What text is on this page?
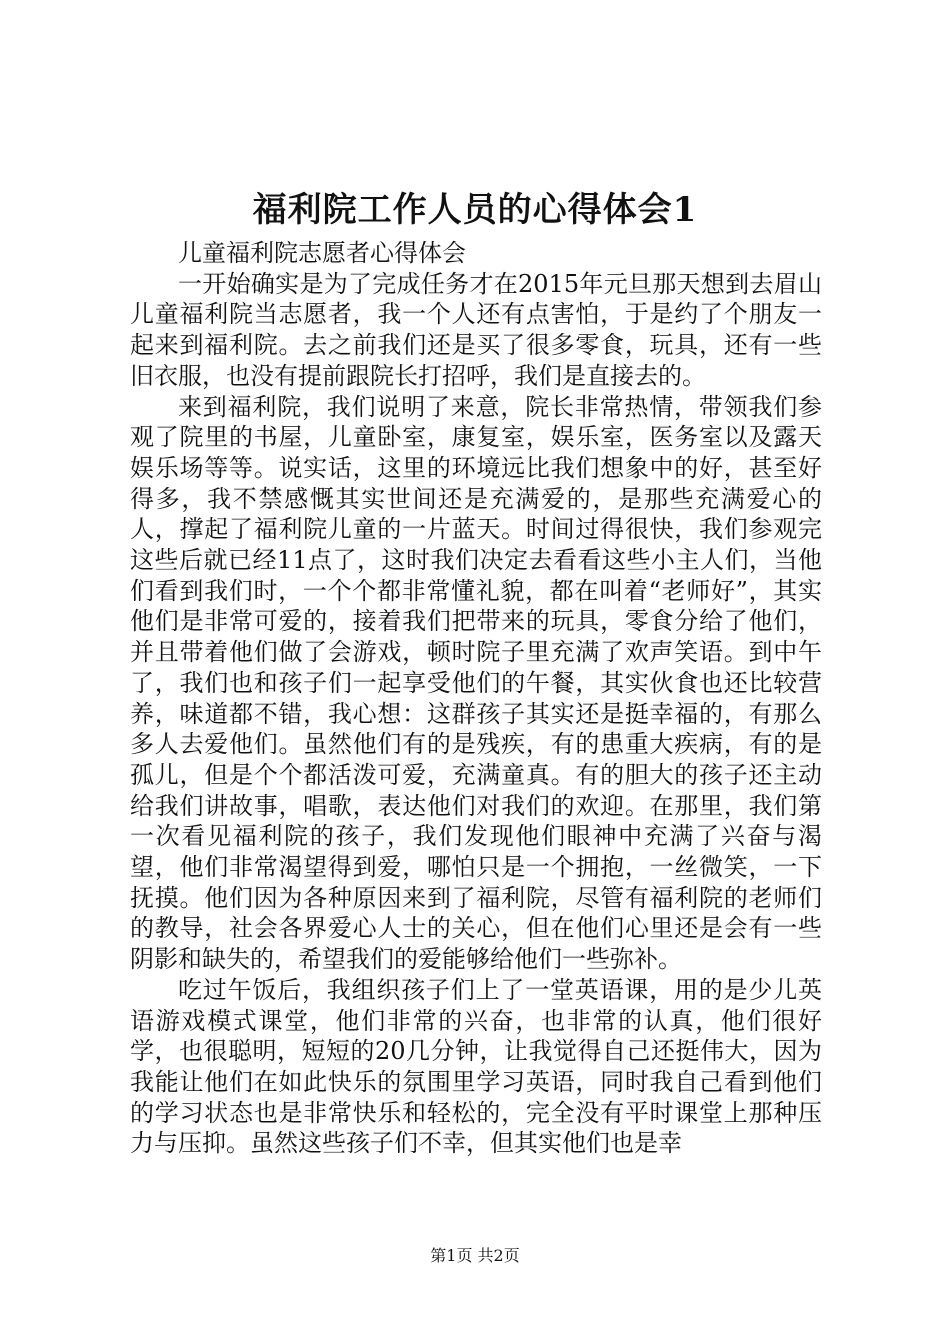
福利院工作人员的心得体会1

儿童福利院志愿者心得体会

一开始确实是为了完成任务才在2015年元旦那天想到去眉山儿童福利院当志愿者，我一个人还有点害怕，于是约了个朋友一起来到福利院。去之前我们还是买了很多零食，玩具，还有一些旧衣服，也没有提前跟院长打招呼，我们是直接去的。

来到福利院，我们说明了来意，院长非常热情，带领我们参观了院里的书屋，儿童卧室，康复室，娱乐室，医务室以及露天娱乐场等等。说实话，这里的环境远比我们想象中的好，甚至好得多，我不禁感慨其实世间还是充满爱的，是那些充满爱心的人，撑起了福利院儿童的一片蓝天。时间过得很快，我们参观完这些后就已经11点了，这时我们决定去看看这些小主人们，当他们看到我们时，一个个都非常懂礼貌，都在叫着“老师好”，其实他们是非常可爱的，接着我们把带来的玩具，零食分给了他们，并且带着他们做了会游戏，顿时院子里充满了欢声笑语。到中午了，我们也和孩子们一起享受他们的午餐，其实伙食也还比较营养，味道都不错，我心想：这群孩子其实还是挺幸福的，有那么多人去爱他们。虽然他们有的是残疾，有的患重大疾病，有的是孤儿，但是个个都活泼可爱，充满童真。有的胆大的孩子还主动给我们讲故事，唱歌，表达他们对我们的欢迎。在那里，我们第一次看见福利院的孩子，我们发现他们眼神中充满了兴奋与渴望，他们非常渴望得到爱，哪怕只是一个拥抱，一丝微笑，一下抚摸。他们因为各种原因来到了福利院，尽管有福利院的老师们的教导，社会各界爱心人士的关心，但在他们心里还是会有一些阴影和缺失的，希望我们的爱能够给他们一些弥补。

吃过午饭后，我组织孩子们上了一堂英语课，用的是少儿英语游戏模式课堂，他们非常的兴奋，也非常的认真，他们很好学，也很聪明，短短的20几分钟，让我觉得自己还挺伟大，因为我能让他们在如此快乐的氛围里学习英语，同时我自己看到他们的学习状态也是非常快乐和轻松的，完全没有平时课堂上那种压力与压抑。虽然这些孩子们不幸，但其实他们也是幸

第1页 共2页
